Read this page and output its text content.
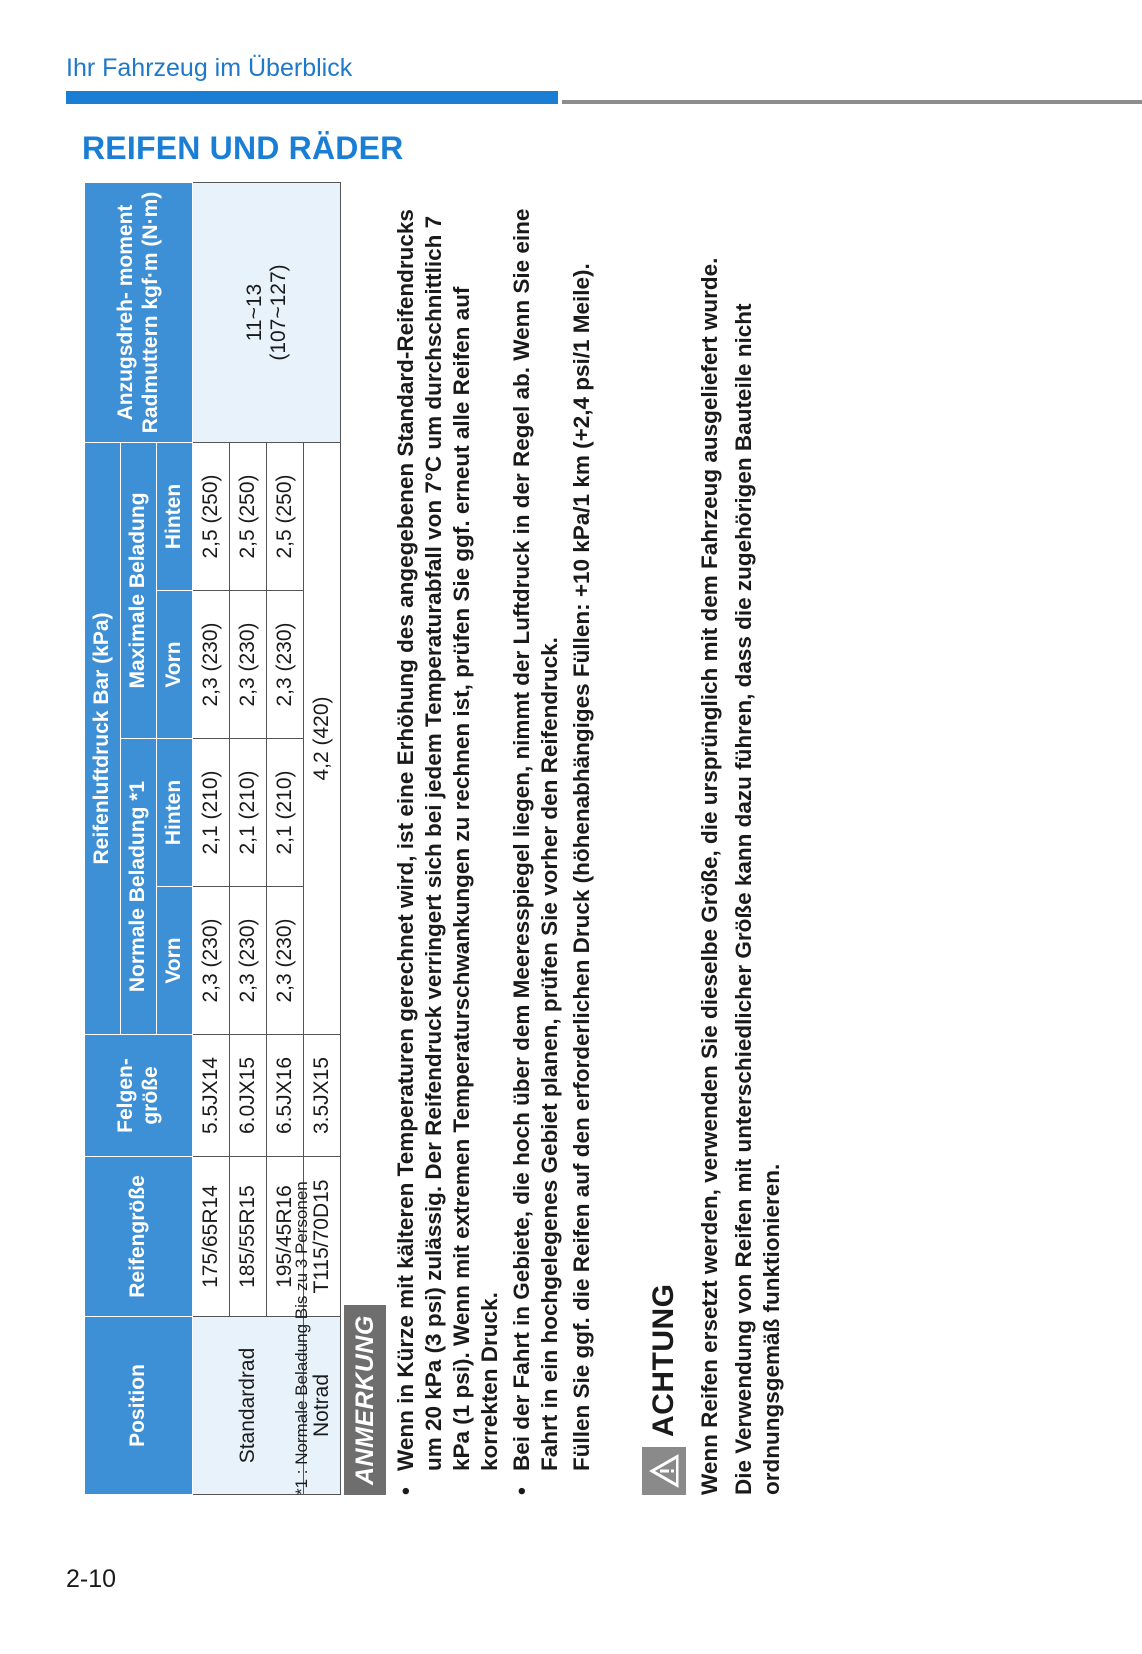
Ihr Fahrzeug im Überblick
REIFEN UND RÄDER
Position	Reifengröße	Felgen- größe	Reifenluftdruck Bar (kPa)				Anzugsdreh- moment Radmuttern kgf·m (N·m)
			Normale Beladung *1		Maximale Beladung		
			Vorn	Hinten	Vorn	Hinten	
Standardrad	175/65R14	5.5JX14	2,3 (230)	2,1 (210)	2,3 (230)	2,5 (250)	11~13 (107~127)

	185/55R15	6.0JX15	2,3 (230)	2,1 (210)	2,3 (230)	2,5 (250)	
	195/45R16	6.5JX16	2,3 (230)	2,1 (210)	2,3 (230)	2,5 (250)	
Notrad	T115/70D15	3.5JX15	4,2 (420)				
*1 : Normale Beladung Bis zu 3 Personen ANMERKUNG • Wenn in Kürze mit kälteren Temperaturen gerechnet wird, ist eine Erhöhung des angegebenen Standard-Reifendrucks um 20 kPa (3 psi) zulässig. Der Reifendruck verringert sich bei jedem Temperaturabfall von 7°C um durchschnittlich 7 kPa (1 psi). Wenn mit extremen Temperaturschwankungen zu rechnen ist, prüfen Sie ggf. erneut alle Reifen auf korrekten Druck. • Bei der Fahrt in Gebiete, die hoch über dem Meeresspiegel liegen, nimmt der Luftdruck in der Regel ab. Wenn Sie eine Fahrt in ein hochgelegenes Gebiet planen, prüfen Sie vorher den Reifendruck. Füllen Sie ggf. die Reifen auf den erforderlichen Druck (höhenabhängiges Füllen: +10 kPa/1 km (+2,4 psi/1 Meile). ACHTUNG Wenn Reifen ersetzt werden, verwenden Sie dieselbe Größe, die ursprünglich mit dem Fahrzeug ausgeliefert wurde. Die Verwendung von Reifen mit unterschiedlicher Größe kann dazu führen, dass die zugehörigen Bauteile nicht ordnungsgemäß funktionieren.

2-10
